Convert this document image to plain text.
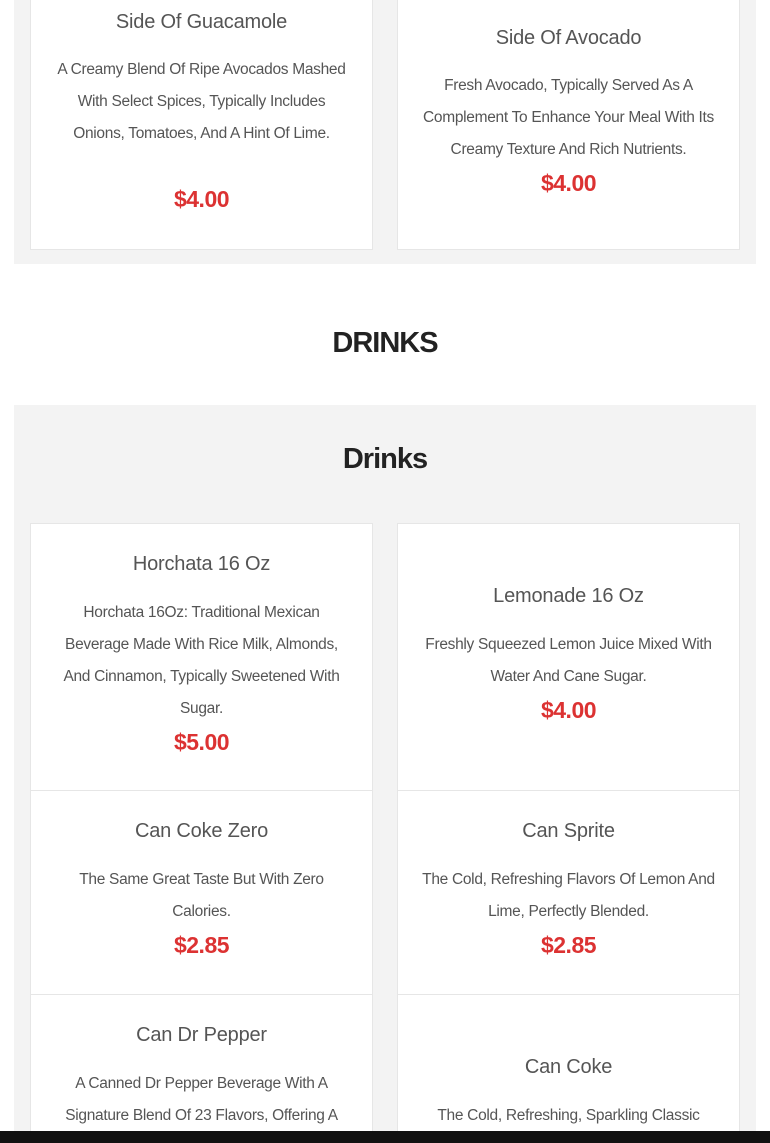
Side Of Guacamole
A Creamy Blend Of Ripe Avocados Mashed With Select Spices, Typically Includes Onions, Tomatoes, And A Hint Of Lime.
$4.00
Side Of Avocado
Fresh Avocado, Typically Served As A Complement To Enhance Your Meal With Its Creamy Texture And Rich Nutrients.
$4.00
DRINKS
Drinks
Horchata 16 Oz
Horchata 16Oz: Traditional Mexican Beverage Made With Rice Milk, Almonds, And Cinnamon, Typically Sweetened With Sugar.
$5.00
Lemonade 16 Oz
Freshly Squeezed Lemon Juice Mixed With Water And Cane Sugar.
$4.00
Can Coke Zero
The Same Great Taste But With Zero Calories.
$2.85
Can Sprite
The Cold, Refreshing Flavors Of Lemon And Lime, Perfectly Blended.
$2.85
Can Dr Pepper
A Canned Dr Pepper Beverage With A Signature Blend Of 23 Flavors, Offering A
Can Coke
The Cold, Refreshing, Sparkling Classic
